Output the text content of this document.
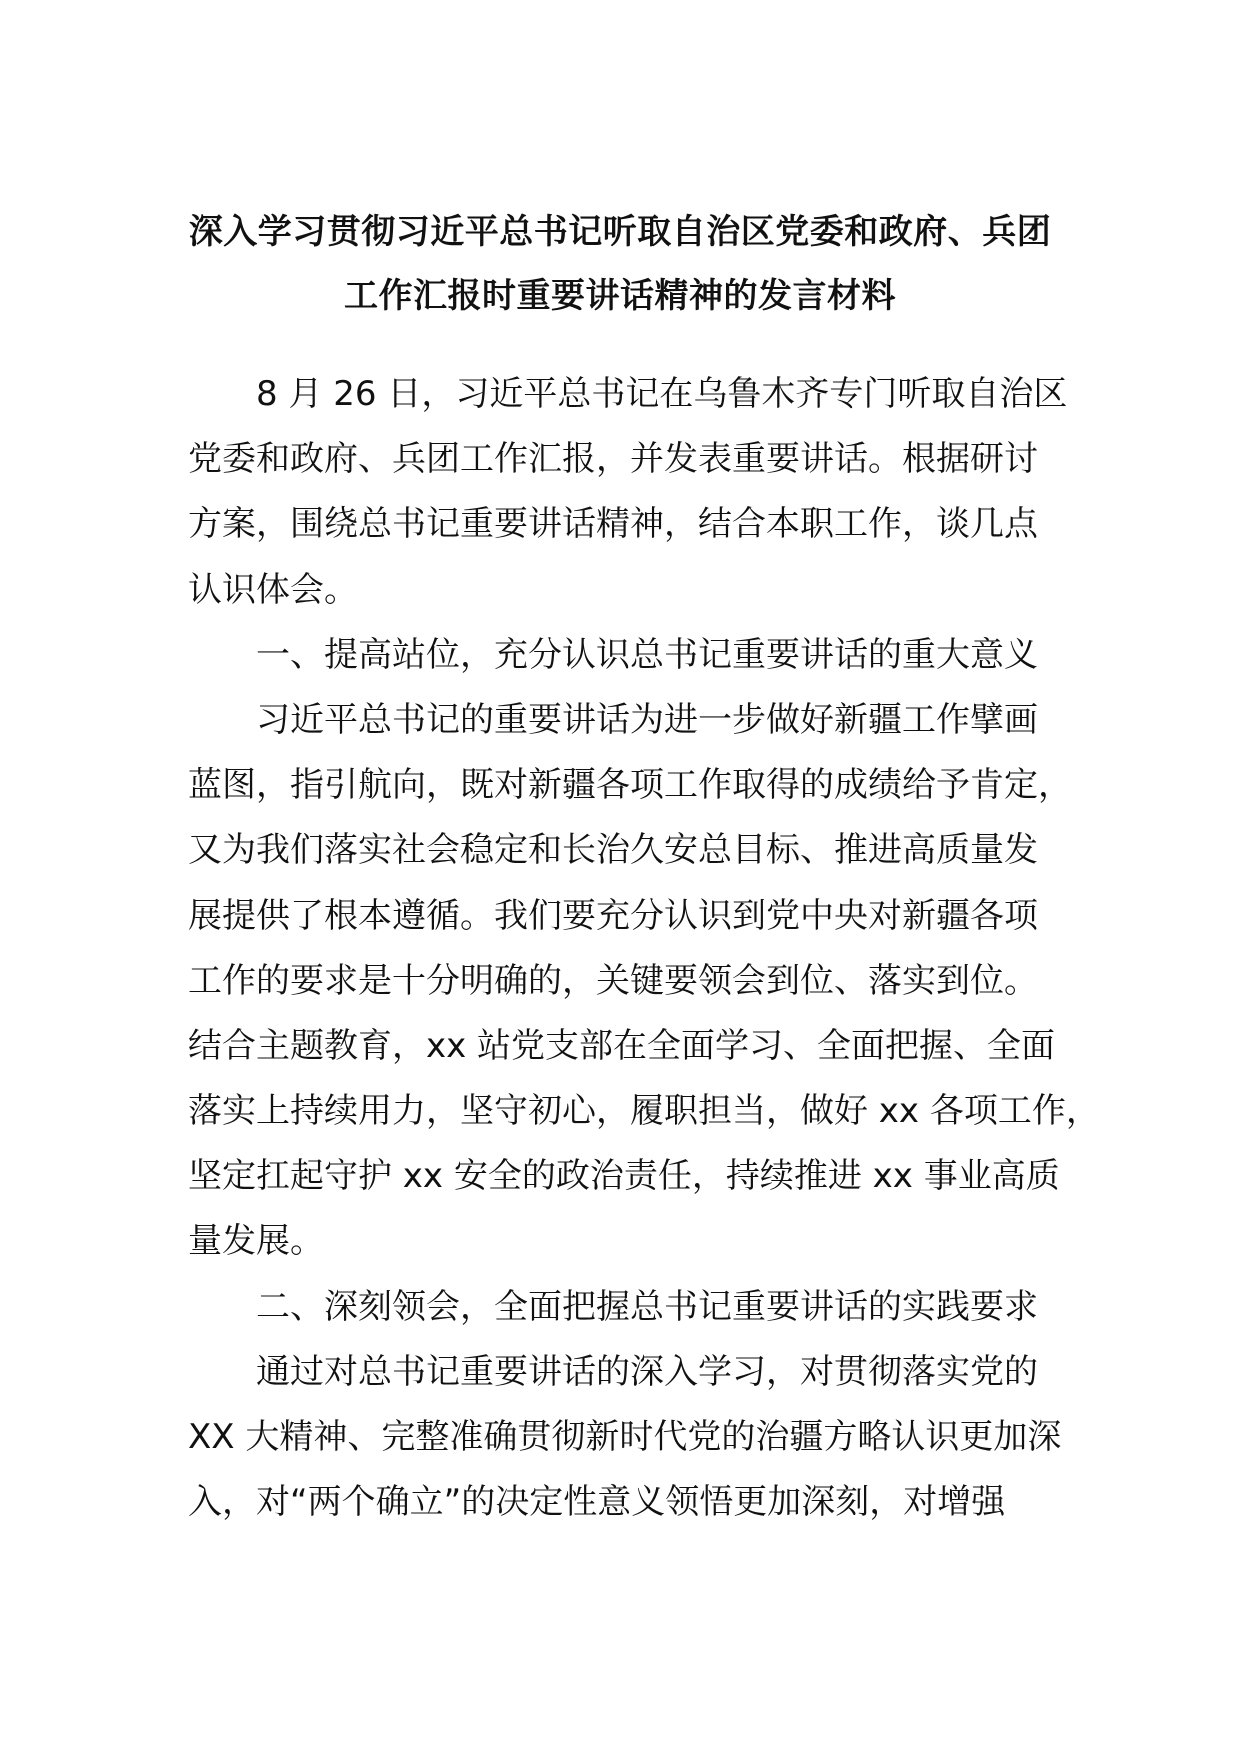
深入学习贯彻习近平总书记听取自治区党委和政府、兵团
工作汇报时重要讲话精神的发言材料
8 月 26 日，习近平总书记在乌鲁木齐专门听取自治区
党委和政府、兵团工作汇报，并发表重要讲话。根据研讨
方案，围绕总书记重要讲话精神，结合本职工作，谈几点
认识体会。
一、提高站位，充分认识总书记重要讲话的重大意义
习近平总书记的重要讲话为进一步做好新疆工作擘画
蓝图，指引航向，既对新疆各项工作取得的成绩给予肯定，
又为我们落实社会稳定和长治久安总目标、推进高质量发
展提供了根本遵循。我们要充分认识到党中央对新疆各项
工作的要求是十分明确的，关键要领会到位、落实到位。
结合主题教育，xx 站党支部在全面学习、全面把握、全面
落实上持续用力，坚守初心，履职担当，做好 xx 各项工作，
坚定扛起守护 xx 安全的政治责任，持续推进 xx 事业高质
量发展。
二、深刻领会，全面把握总书记重要讲话的实践要求
通过对总书记重要讲话的深入学习，对贯彻落实党的
XX 大精神、完整准确贯彻新时代党的治疆方略认识更加深
入，对“两个确立”的决定性意义领悟更加深刻，对增强
